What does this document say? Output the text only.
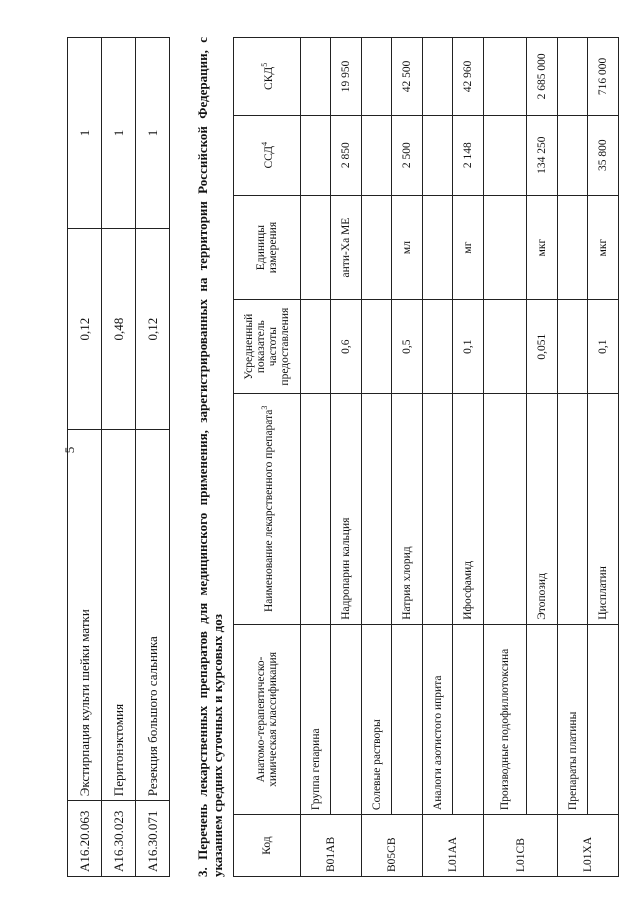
5
A16.20.063	Экстирпация культи шейки матки	0,12	1
A16.30.023	Перитонэктомия	0,48	1
A16.30.071	Резекция большого сальника	0,12	1
3. Перечень лекарственных препаратов для медицинского применения, зарегистрированных на территории Российской Федерации, с указанием средних суточных и курсовых доз	Код	Анатомо-терапевтическо-химическая классификация	Наименование лекарственного препарата$^3$	Усредненный показатель частоты предоставления	Единицы измерения	ССД$^4$	СКД$^5$
B01AB	Группа гепарина					
		Надропарин кальция	0,6	анти-Ха МЕ	2 850	19 950
B05CB	Солевые растворы					
		Натрия хлорид	0,5	мл	2 500	42 500
L01AA	Аналоги азотистого иприта					
		Ифосфамид	0,1	мг	2 148	42 960
L01CB	Производные подофиллотоксина					
		Этопозид	0,051	мкг	134 250	2 685 000
L01XA	Препараты платины					
		Цисплатин	0,1	мкг	35 800	716 000
